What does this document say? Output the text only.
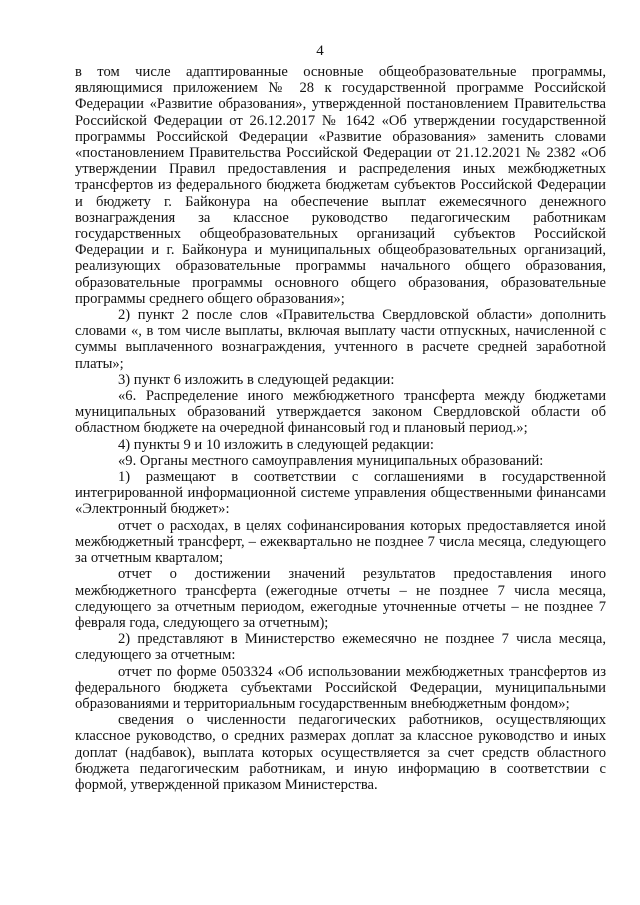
4

в том числе адаптированные основные общеобразовательные программы, являющимися приложением № 28 к государственной программе Российской Федерации «Развитие образования», утвержденной постановлением Правительства Российской Федерации от 26.12.2017 № 1642 «Об утверждении государственной программы Российской Федерации «Развитие образования» заменить словами «постановлением Правительства Российской Федерации от 21.12.2021 № 2382 «Об утверждении Правил предоставления и распределения иных межбюджетных трансфертов из федерального бюджета бюджетам субъектов Российской Федерации и бюджету г. Байконура на обеспечение выплат ежемесячного денежного вознаграждения за классное руководство педагогическим работникам государственных общеобразовательных организаций субъектов Российской Федерации и г. Байконура и муниципальных общеобразовательных организаций, реализующих образовательные программы начального общего образования, образовательные программы основного общего образования, образовательные программы среднего общего образования»;

2) пункт 2 после слов «Правительства Свердловской области» дополнить словами «, в том числе выплаты, включая выплату части отпускных, начисленной с суммы выплаченного вознаграждения, учтенного в расчете средней заработной платы»;

3) пункт 6 изложить в следующей редакции:

«6. Распределение иного межбюджетного трансферта между бюджетами муниципальных образований утверждается законом Свердловской области об областном бюджете на очередной финансовый год и плановый период.»;

4) пункты 9 и 10 изложить в следующей редакции:

«9. Органы местного самоуправления муниципальных образований:

1) размещают в соответствии с соглашениями в государственной интегрированной информационной системе управления общественными финансами «Электронный бюджет»:

отчет о расходах, в целях софинансирования которых предоставляется иной межбюджетный трансферт, – ежеквартально не позднее 7 числа месяца, следующего за отчетным кварталом;

отчет о достижении значений результатов предоставления иного межбюджетного трансферта (ежегодные отчеты – не позднее 7 числа месяца, следующего за отчетным периодом, ежегодные уточненные отчеты – не позднее 7 февраля года, следующего за отчетным);

2) представляют в Министерство ежемесячно не позднее 7 числа месяца, следующего за отчетным:

отчет по форме 0503324 «Об использовании межбюджетных трансфертов из федерального бюджета субъектами Российской Федерации, муниципальными образованиями и территориальным государственным внебюджетным фондом»;

сведения о численности педагогических работников, осуществляющих классное руководство, о средних размерах доплат за классное руководство и иных доплат (надбавок), выплата которых осуществляется за счет средств областного бюджета педагогическим работникам, и иную информацию в соответствии с формой, утвержденной приказом Министерства.
